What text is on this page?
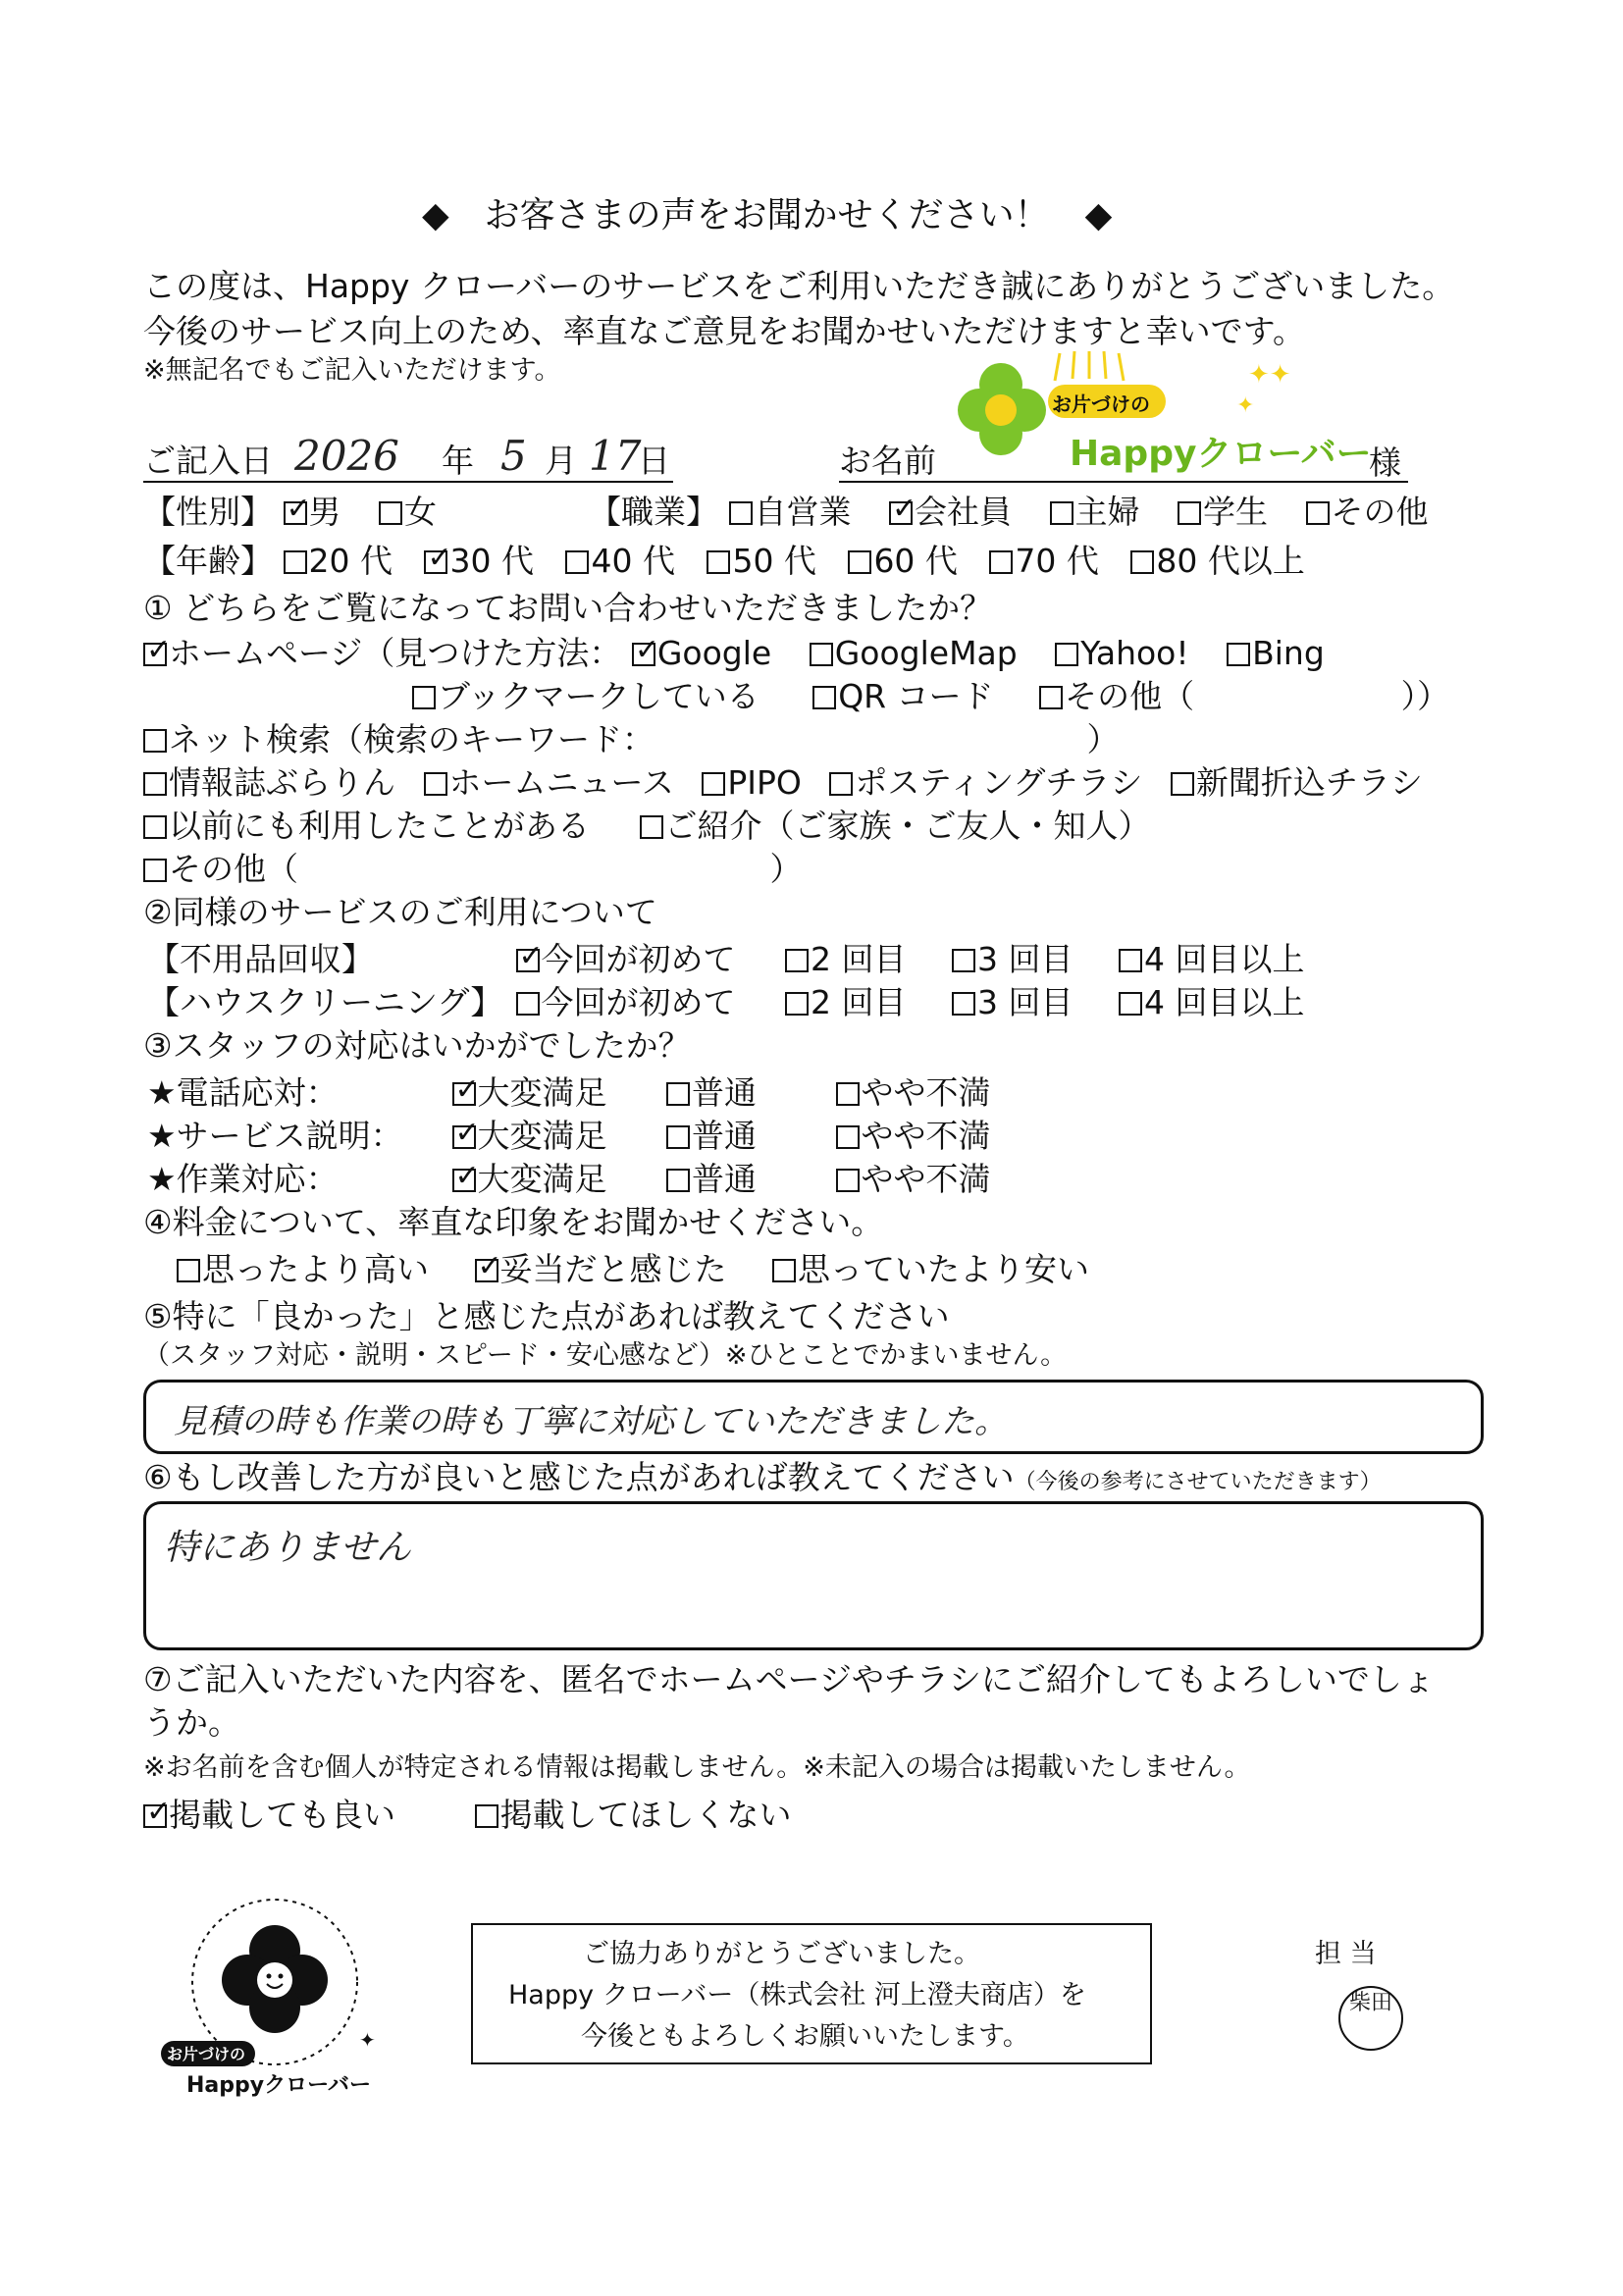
◆　お客さまの声をお聞かせください！　◆
この度は、Happy クローバーのサービスをご利用いただき誠にありがとうございました。
今後のサービス向上のため、率直なご意見をお聞かせいただけますと幸いです。
※無記名でもご記入いただけます。	✦✦
✦
お片づけの
Happyクローバー
ご記入日 2026 年 5 月 17
日	お名前	様
【性別】 ✓ 男 女	【職業】 自営業 ✓ 会社員 主婦 学生 その他
【年齢】 20 代 ✓ 30 代 40 代 50 代 60 代 70 代 80 代以上
① どちらをご覧になってお問い合わせいただきましたか？
✓ホームページ（見つけた方法： ✓ Google GoogleMap Yahoo! Bing
ブックマークしている QR コード その他（	））
ネット検索（検索のキーワード：	）
情報誌ぶらりん ホームニュース PIPO ポスティングチラシ 新聞折込チラシ
以前にも利用したことがある ご紹介（ご家族・ご友人・知人）
その他（	）
②同様のサービスのご利用について
【不用品回収】 ✓	今回が初めて 2 回目 3 回目 4 回目以上
【ハウスクリーニング】 今回が初めて 2 回目 3 回目 4 回目以上
③スタッフの対応はいかがでしたか？
★電話応対： ✓	大変満足	普通	やや不満
★サービス説明： ✓ 大変満足	普通	やや不満
★作業対応： ✓	大変満足	普通	やや不満
④料金について、率直な印象をお聞かせください。
思ったより高い ✓ 妥当だと感じた 思っていたより安い
⑤特に「良かった」と感じた点があれば教えてください
（スタッフ対応・説明・スピード・安心感など）※ひとことでかまいません。
見積の時も作業の時も丁寧に対応していただきました。
⑥もし改善した方が良いと感じた点があれば教えてください（今後の参考にさせていただきます）
特にありません
⑦ご記入いただいた内容を、匿名でホームページやチラシにご紹介してもよろしいでしょ
うか。
※お名前を含む個人が特定される情報は掲載しません。※未記入の場合は掲載いたしません。
✓掲載しても良い	掲載してほしくない
✦
お片づけの
Happyクローバー
ご協力ありがとうございました。
Happy クローバー（株式会社 河上澄夫商店）を
今後ともよろしくお願いいたします。
担 当
柴田
